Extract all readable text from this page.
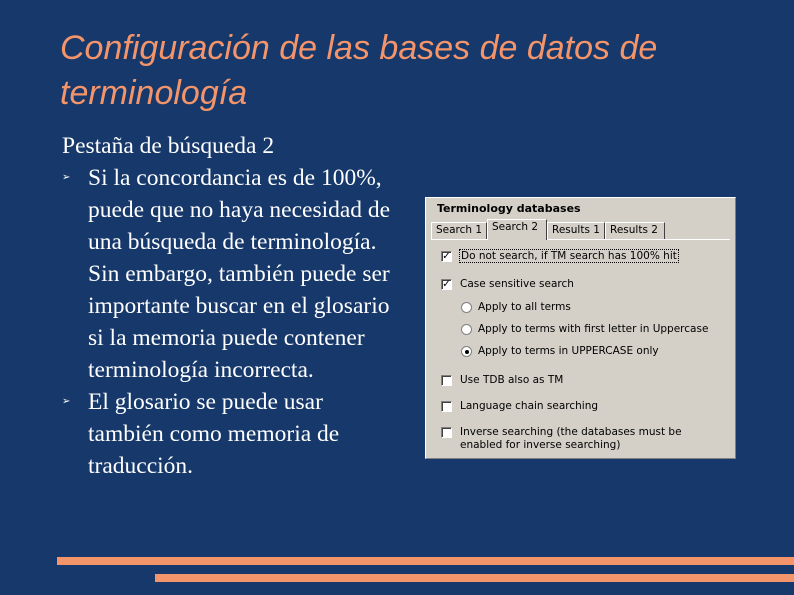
Configuración de las bases de datos de terminología
Pestaña de búsqueda 2
➢ Si la concordancia es de 100%, puede que no haya necesidad de una búsqueda de terminología. Sin embargo, también puede ser importante buscar en el glosario si la memoria puede contener terminología incorrecta.
➢ El glosario se puede usar también como memoria de traducción.
Terminology databases
Search 1	Results 1 Results 2
Search 2
✓ Do not search, if TM search has 100% hit
✓ Case sensitive search
Apply to all terms
Apply to terms with first letter in Uppercase
Apply to terms in UPPERCASE only
Use TDB also as TM
Language chain searching
Inverse searching (the databases must be enabled for inverse searching)
